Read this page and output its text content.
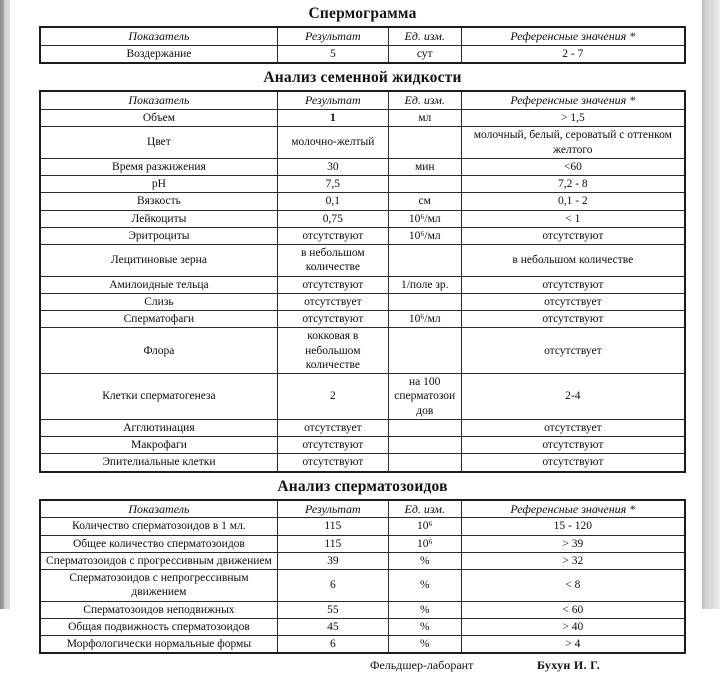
Спермограмма
Показатель	Результат	Ед. изм.	Референсные значения *
Воздержание	5	сут	2 - 7
Анализ семенной жидкости
Показатель	Результат	Ед. изм.	Референсные значения *
Объем	1	мл	> 1,5
Цвет	молочно-желтый		молочный, белый, сероватый с оттенком желтого
Время разжижения	30	мин	<60
pH	7,5		7,2 - 8
Вязкость	0,1	см	0,1 - 2
Лейкоциты	0,75	10⁶/мл	< 1
Эритроциты	отсутствуют	10⁶/мл	отсутствуют
Лецитиновые зерна	в небольшом количестве		в небольшом количестве
Амилоидные тельца	отсутствуют	1/поле зр.	отсутствуют
Слизь	отсутствует		отсутствует
Сперматофаги	отсутствуют	10⁶/мл	отсутствуют
Флора	кокковая в небольшом количестве		отсутствует
Клетки сперматогенеза	2	на 100 сперматозоидов	2-4
Агглютинация	отсутствует		отсутствует
Макрофаги	отсутствуют		отсутствуют
Эпителиальные клетки	отсутствуют		отсутствуют
Анализ сперматозоидов
Показатель	Результат	Ед. изм.	Референсные значения *
Количество сперматозоидов в 1 мл.	115	10⁶	15 - 120
Общее количество сперматозоидов	115	10⁶	> 39
Сперматозоидов с прогрессивным движением	39	%	> 32
Сперматозоидов с непрогрессивным движением	6	%	< 8
Сперматозоидов неподвижных	55	%	< 60
Общая подвижность сперматозоидов	45	%	> 40
Морфологически нормальные формы	6	%	> 4
Фельдшер-лаборант	Бухун И. Г.
